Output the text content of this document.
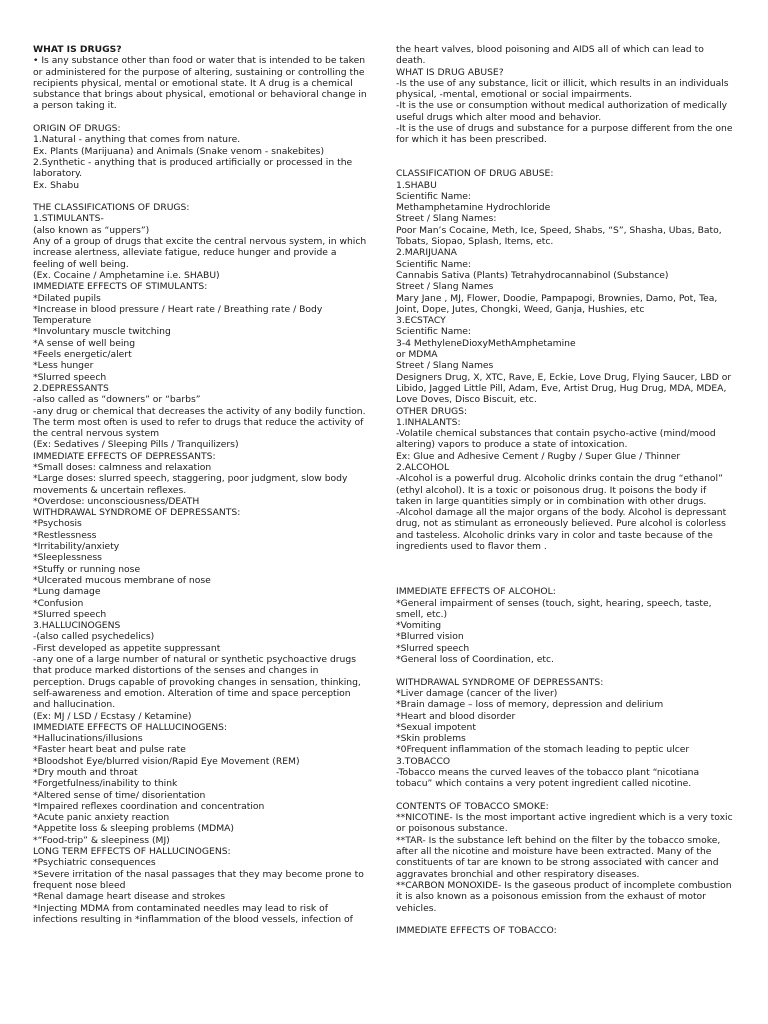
WHAT IS DRUGS?
• Is any substance other than food or water that is intended to be taken or administered for the purpose of altering, sustaining or controlling the recipients physical, mental or emotional state. It A drug is a chemical substance that brings about physical, emotional or behavioral change in a person taking it.
ORIGIN OF DRUGS:
1.Natural - anything that comes from nature.
Ex. Plants (Marijuana) and Animals (Snake venom - snakebites)
2.Synthetic - anything that is produced artificially or processed in the laboratory.
Ex. Shabu
THE CLASSIFICATIONS OF DRUGS:
1.STIMULANTS-
(also known as “uppers”)
Any of a group of drugs that excite the central nervous system, in which increase alertness, alleviate fatigue, reduce hunger and provide a feeling of well being.
(Ex. Cocaine / Amphetamine i.e. SHABU)
IMMEDIATE EFFECTS OF STIMULANTS:
*Dilated pupils
*Increase in blood pressure / Heart rate / Breathing rate / Body Temperature
*Involuntary muscle twitching
*A sense of well being
*Feels energetic/alert
*Less hunger
*Slurred speech
2.DEPRESSANTS
-also called as “downers” or “barbs”
-any drug or chemical that decreases the activity of any bodily function. The term most often is used to refer to drugs that reduce the activity of the central nervous system
(Ex: Sedatives / Sleeping Pills / Tranquilizers)
IMMEDIATE EFFECTS OF DEPRESSANTS:
*Small doses: calmness and relaxation
*Large doses: slurred speech, staggering, poor judgment, slow body movements & uncertain reflexes.
*Overdose: unconsciousness/DEATH
WITHDRAWAL SYNDROME OF DEPRESSANTS:
*Psychosis
*Restlessness
*Irritability/anxiety
*Sleeplessness
*Stuffy or running nose
*Ulcerated mucous membrane of nose
*Lung damage
*Confusion
*Slurred speech
3.HALLUCINOGENS
-(also called psychedelics)
-First developed as appetite suppressant
-any one of a large number of natural or synthetic psychoactive drugs that produce marked distortions of the senses and changes in perception. Drugs capable of provoking changes in sensation, thinking, self-awareness and emotion. Alteration of time and space perception and hallucination.
(Ex: MJ / LSD / Ecstasy / Ketamine)
IMMEDIATE EFFECTS OF HALLUCINOGENS:
*Hallucinations/illusions
*Faster heart beat and pulse rate
*Bloodshot Eye/blurred vision/Rapid Eye Movement (REM)
*Dry mouth and throat
*Forgetfulness/inability to think
*Altered sense of time/ disorientation
*Impaired reflexes coordination and concentration
*Acute panic anxiety reaction
*Appetite loss & sleeping problems (MDMA)
*“Food-trip” & sleepiness (MJ)
LONG TERM EFFECTS OF HALLUCINOGENS:
*Psychiatric consequences
*Severe irritation of the nasal passages that they may become prone to frequent nose bleed
*Renal damage heart disease and strokes
*Injecting MDMA from contaminated needles may lead to risk of infections resulting in *inflammation of the blood vessels, infection of
the heart valves, blood poisoning and AIDS all of which can lead to death.
WHAT IS DRUG ABUSE?
-Is the use of any substance, licit or illicit, which results in an individuals physical, -mental, emotional or social impairments.
-It is the use or consumption without medical authorization of medically useful drugs which alter mood and behavior.
-It is the use of drugs and substance for a purpose different from the one for which it has been prescribed.
CLASSIFICATION OF DRUG ABUSE:
1.SHABU
Scientific Name:
Methamphetamine Hydrochloride
Street / Slang Names:
Poor Man’s Cocaine, Meth, Ice, Speed, Shabs, “S”, Shasha, Ubas, Bato, Tobats, Siopao, Splash, Items, etc.
2.MARIJUANA
Scientific Name:
Cannabis Sativa (Plants) Tetrahydrocannabinol (Substance)
Street / Slang Names
Mary Jane , MJ, Flower, Doodie, Pampapogi, Brownies, Damo, Pot, Tea, Joint, Dope, Jutes, Chongki, Weed, Ganja, Hushies, etc
3.ECSTACY
Scientific Name:
3-4 MethyleneDioxyMethAmphetamine
or MDMA
Street / Slang Names
Designers Drug, X, XTC, Rave, E, Eckie, Love Drug, Flying Saucer, LBD or Libido, Jagged Little Pill, Adam, Eve, Artist Drug, Hug Drug, MDA, MDEA, Love Doves, Disco Biscuit, etc.
OTHER DRUGS:
1.INHALANTS:
-Volatile chemical substances that contain psycho-active (mind/mood altering) vapors to produce a state of intoxication.
Ex: Glue and Adhesive Cement / Rugby / Super Glue / Thinner
2.ALCOHOL
-Alcohol is a powerful drug. Alcoholic drinks contain the drug “ethanol” (ethyl alcohol). It is a toxic or poisonous drug. It poisons the body if taken in large quantities simply or in combination with other drugs.
-Alcohol damage all the major organs of the body. Alcohol is depressant drug, not as stimulant as erroneously believed. Pure alcohol is colorless and tasteless. Alcoholic drinks vary in color and taste because of the ingredients used to flavor them .
IMMEDIATE EFFECTS OF ALCOHOL:
*General impairment of senses (touch, sight, hearing, speech, taste, smell, etc.)
*Vomiting
*Blurred vision
*Slurred speech
*General loss of Coordination, etc.
WITHDRAWAL SYNDROME OF DEPRESSANTS:
*Liver damage (cancer of the liver)
*Brain damage – loss of memory, depression and delirium
*Heart and blood disorder
*Sexual impotent
*Skin problems
*0Frequent inflammation of the stomach leading to peptic ulcer
3.TOBACCO
-Tobacco means the curved leaves of the tobacco plant “nicotiana tobacu” which contains a very potent ingredient called nicotine.
CONTENTS OF TOBACCO SMOKE:
**NICOTINE- Is the most important active ingredient which is a very toxic or poisonous substance.
**TAR- Is the substance left behind on the filter by the tobacco smoke, after all the nicotine and moisture have been extracted. Many of the constituents of tar are known to be strong associated with cancer and aggravates bronchial and other respiratory diseases.
**CARBON MONOXIDE- Is the gaseous product of incomplete combustion it is also known as a poisonous emission from the exhaust of motor vehicles.
IMMEDIATE EFFECTS OF TOBACCO:
